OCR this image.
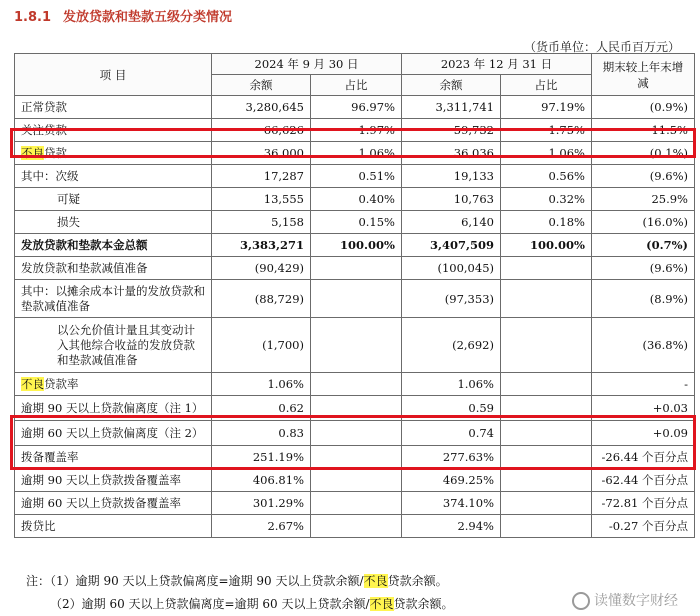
1.8.1 发放贷款和垫款五级分类情况
（货币单位：人民币百万元）
项 目	2024 年 9 月 30 日		2023 年 12 月 31 日		期末较上年末增减
	余额	占比	余额	占比	
正常贷款	3,280,645	96.97%	3,311,741	97.19%	(0.9%)
关注贷款	66,626	1.97%	59,732	1.75%	11.5%
不良贷款	36,000	1.06%	36,036	1.06%	(0.1%)
其中：次级	17,287	0.51%	19,133	0.56%	(9.6%)
可疑	13,555	0.40%	10,763	0.32%	25.9%
损失	5,158	0.15%	6,140	0.18%	(16.0%)
发放贷款和垫款本金总额	3,383,271	100.00%	3,407,509	100.00%	(0.7%)
发放贷款和垫款减值准备	(90,429)		(100,045)		(9.6%)
其中：以摊余成本计量的发放贷款和垫款减值准备	(88,729)		(97,353)		(8.9%)
以公允价值计量且其变动计入其他综合收益的发放贷款和垫款减值准备	(1,700)		(2,692)		(36.8%)
不良贷款率	1.06%		1.06%		-
逾期 90 天以上贷款偏离度（注 1）	0.62		0.59		+0.03
逾期 60 天以上贷款偏离度（注 2）	0.83		0.74		+0.09
拨备覆盖率	251.19%		277.63%		-26.44 个百分点
逾期 90 天以上贷款拨备覆盖率	406.81%		469.25%		-62.44 个百分点
逾期 60 天以上贷款拨备覆盖率	301.29%		374.10%		-72.81 个百分点
拨贷比	2.67%		2.94%		-0.27 个百分点
注：（1）逾期 90 天以上贷款偏离度=逾期 90 天以上贷款余额/不良贷款余额。
（2）逾期 60 天以上贷款偏离度=逾期 60 天以上贷款余额/不良贷款余额。	读懂数字财经
